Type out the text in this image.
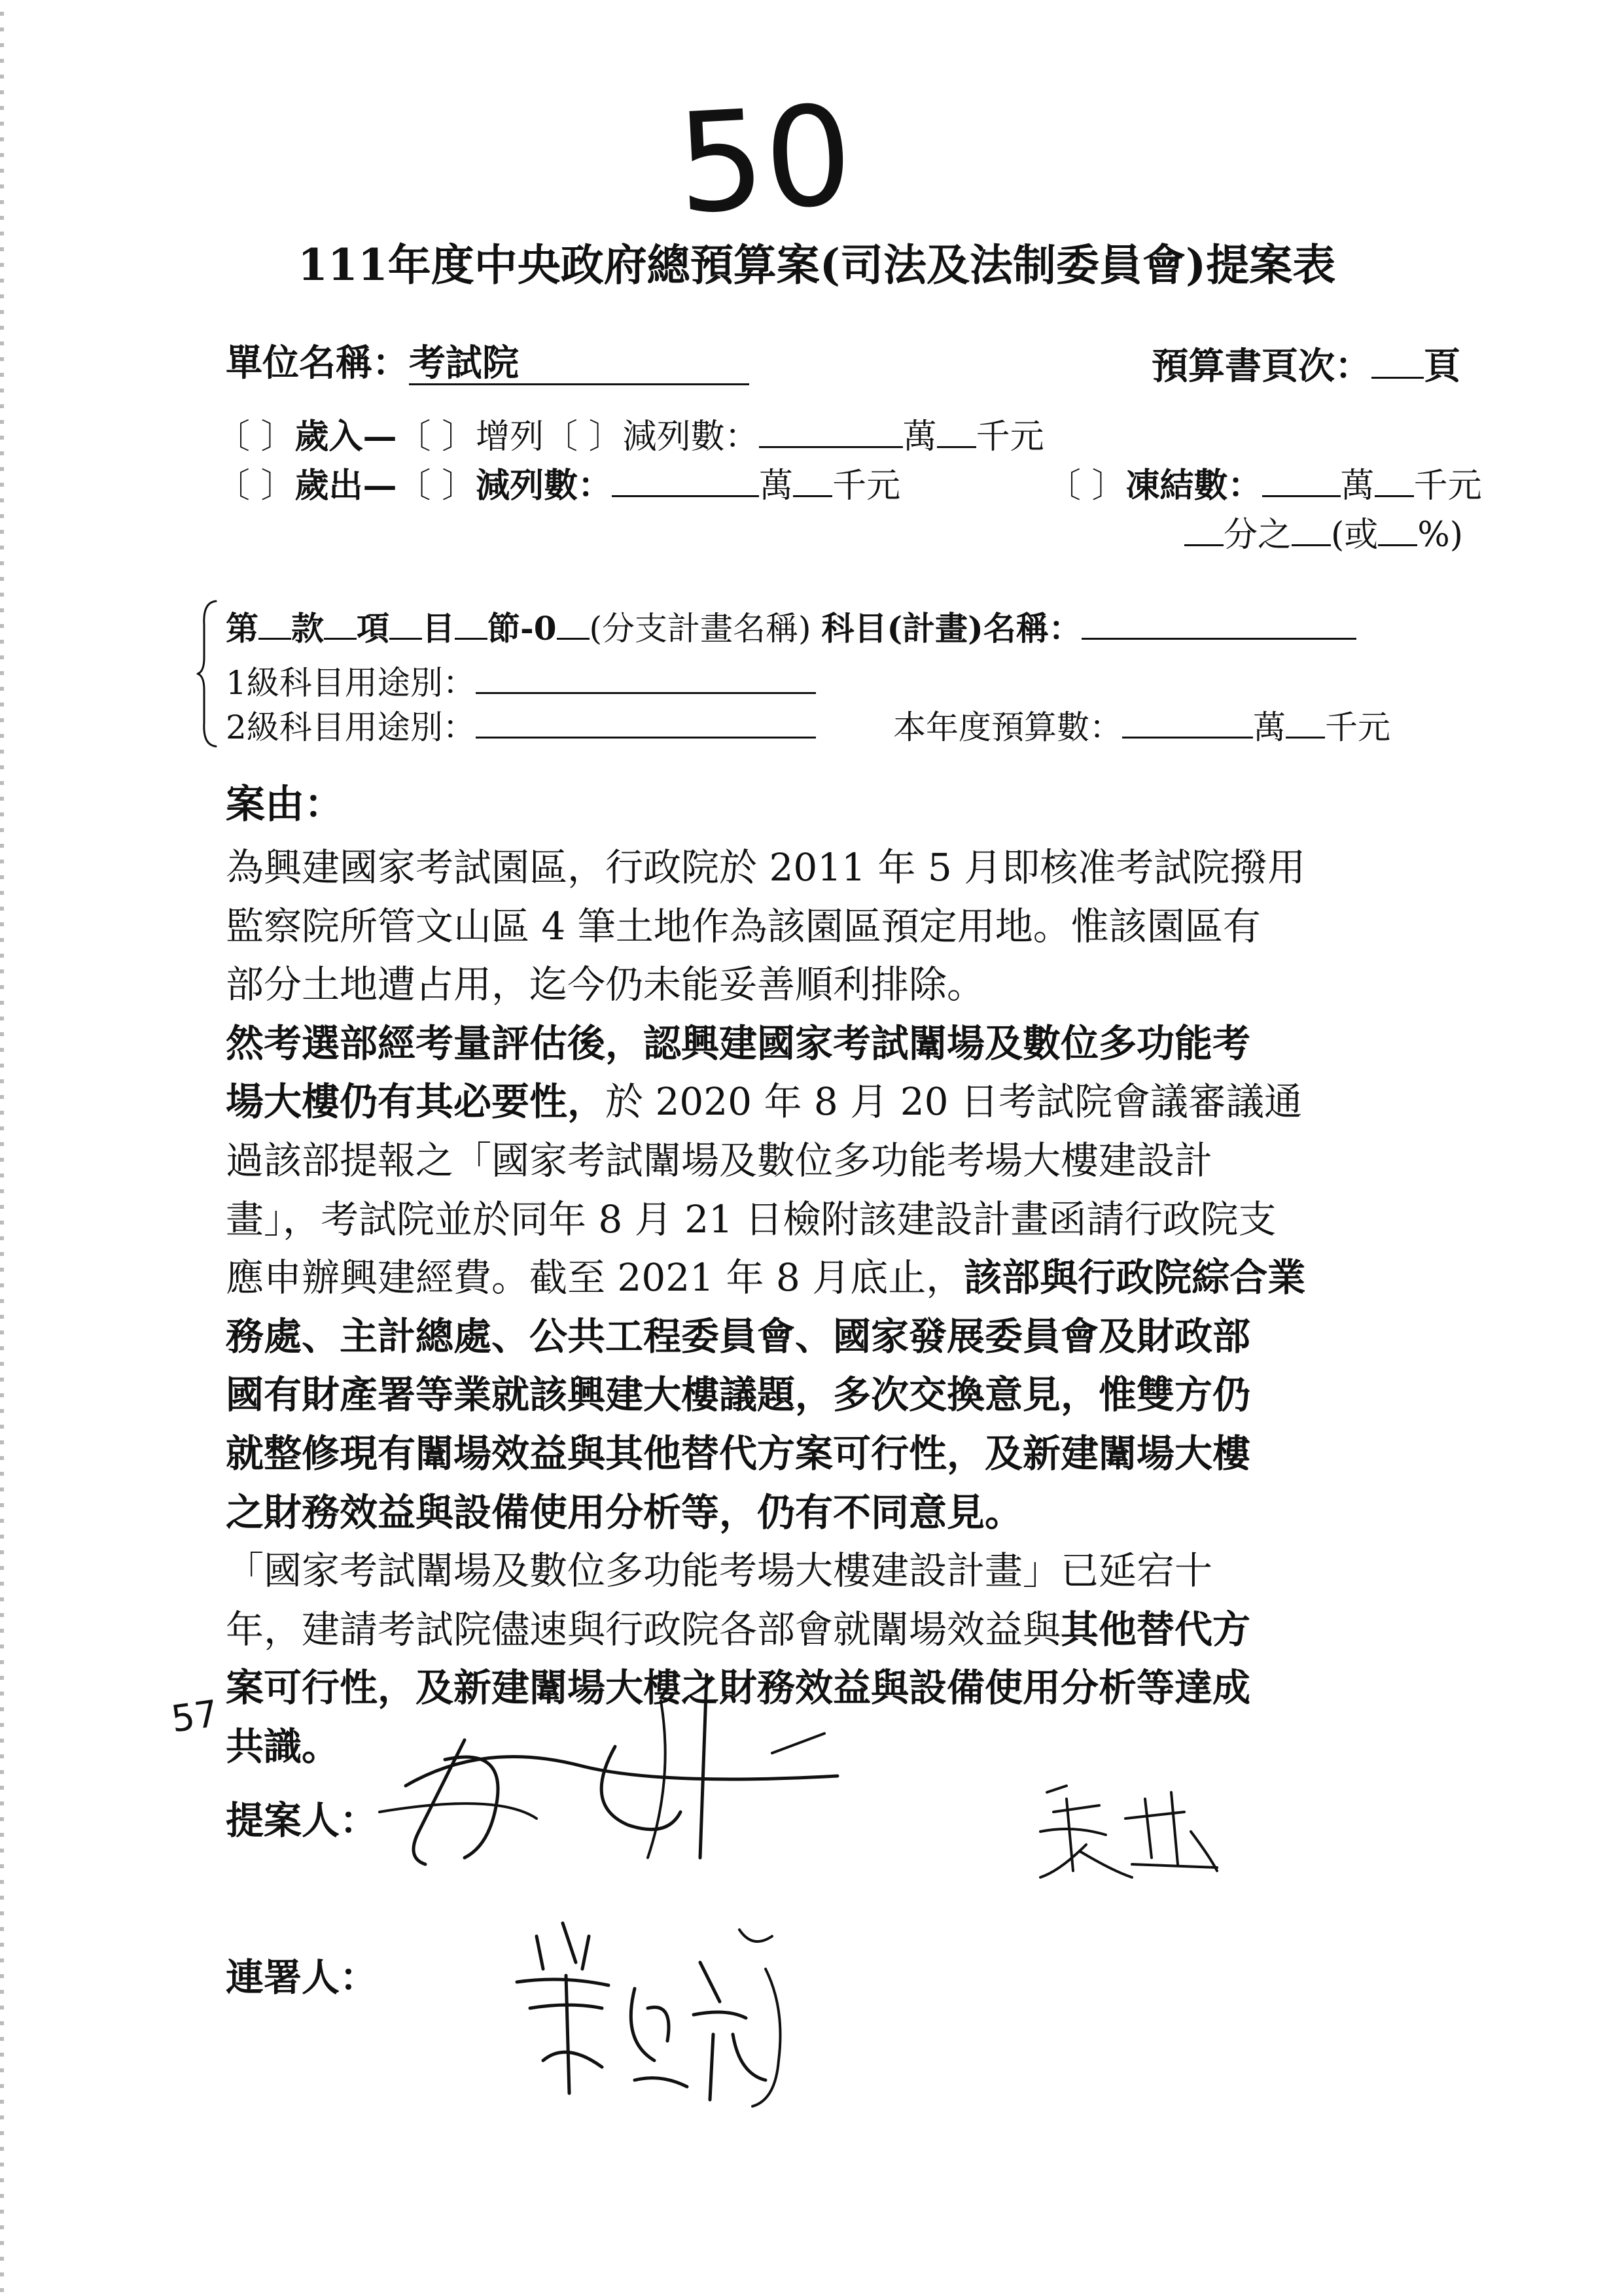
50
111年度中央政府總預算案(司法及法制委員會)提案表
單位名稱：考試院	預算書頁次： 頁
〔 〕歲入—〔 〕增列〔 〕減列數：	萬 千元
〔 〕歲出—〔 〕減列數：	萬 千元	〔 〕凍結數： 萬 千元
分之 (或 %)
第 款 項 目 節-0 (分支計畫名稱) 科目(計畫)名稱：
1級科目用途別：
2級科目用途別：	本年度預算數：	萬 千元
案由：
為興建國家考試園區，行政院於 2011 年 5 月即核准考試院撥用
監察院所管文山區 4 筆土地作為該園區預定用地。惟該園區有
部分土地遭占用，迄今仍未能妥善順利排除。
然考選部經考量評估後，認興建國家考試闈場及數位多功能考
場大樓仍有其必要性，於 2020 年 8 月 20 日考試院會議審議通
過該部提報之「國家考試闈場及數位多功能考場大樓建設計
畫」，考試院並於同年 8 月 21 日檢附該建設計畫函請行政院支
應申辦興建經費。截至 2021 年 8 月底止，該部與行政院綜合業
務處、主計總處、公共工程委員會、國家發展委員會及財政部
國有財產署等業就該興建大樓議題，多次交換意見，惟雙方仍
就整修現有闈場效益與其他替代方案可行性，及新建闈場大樓
之財務效益與設備使用分析等，仍有不同意見。
「國家考試闈場及數位多功能考場大樓建設計畫」已延宕十
年，建請考試院儘速與行政院各部會就闈場效益與其他替代方
案可行性，及新建闈場大樓之財務效益與設備使用分析等達成
共識。
提案人：
連署人：
57
